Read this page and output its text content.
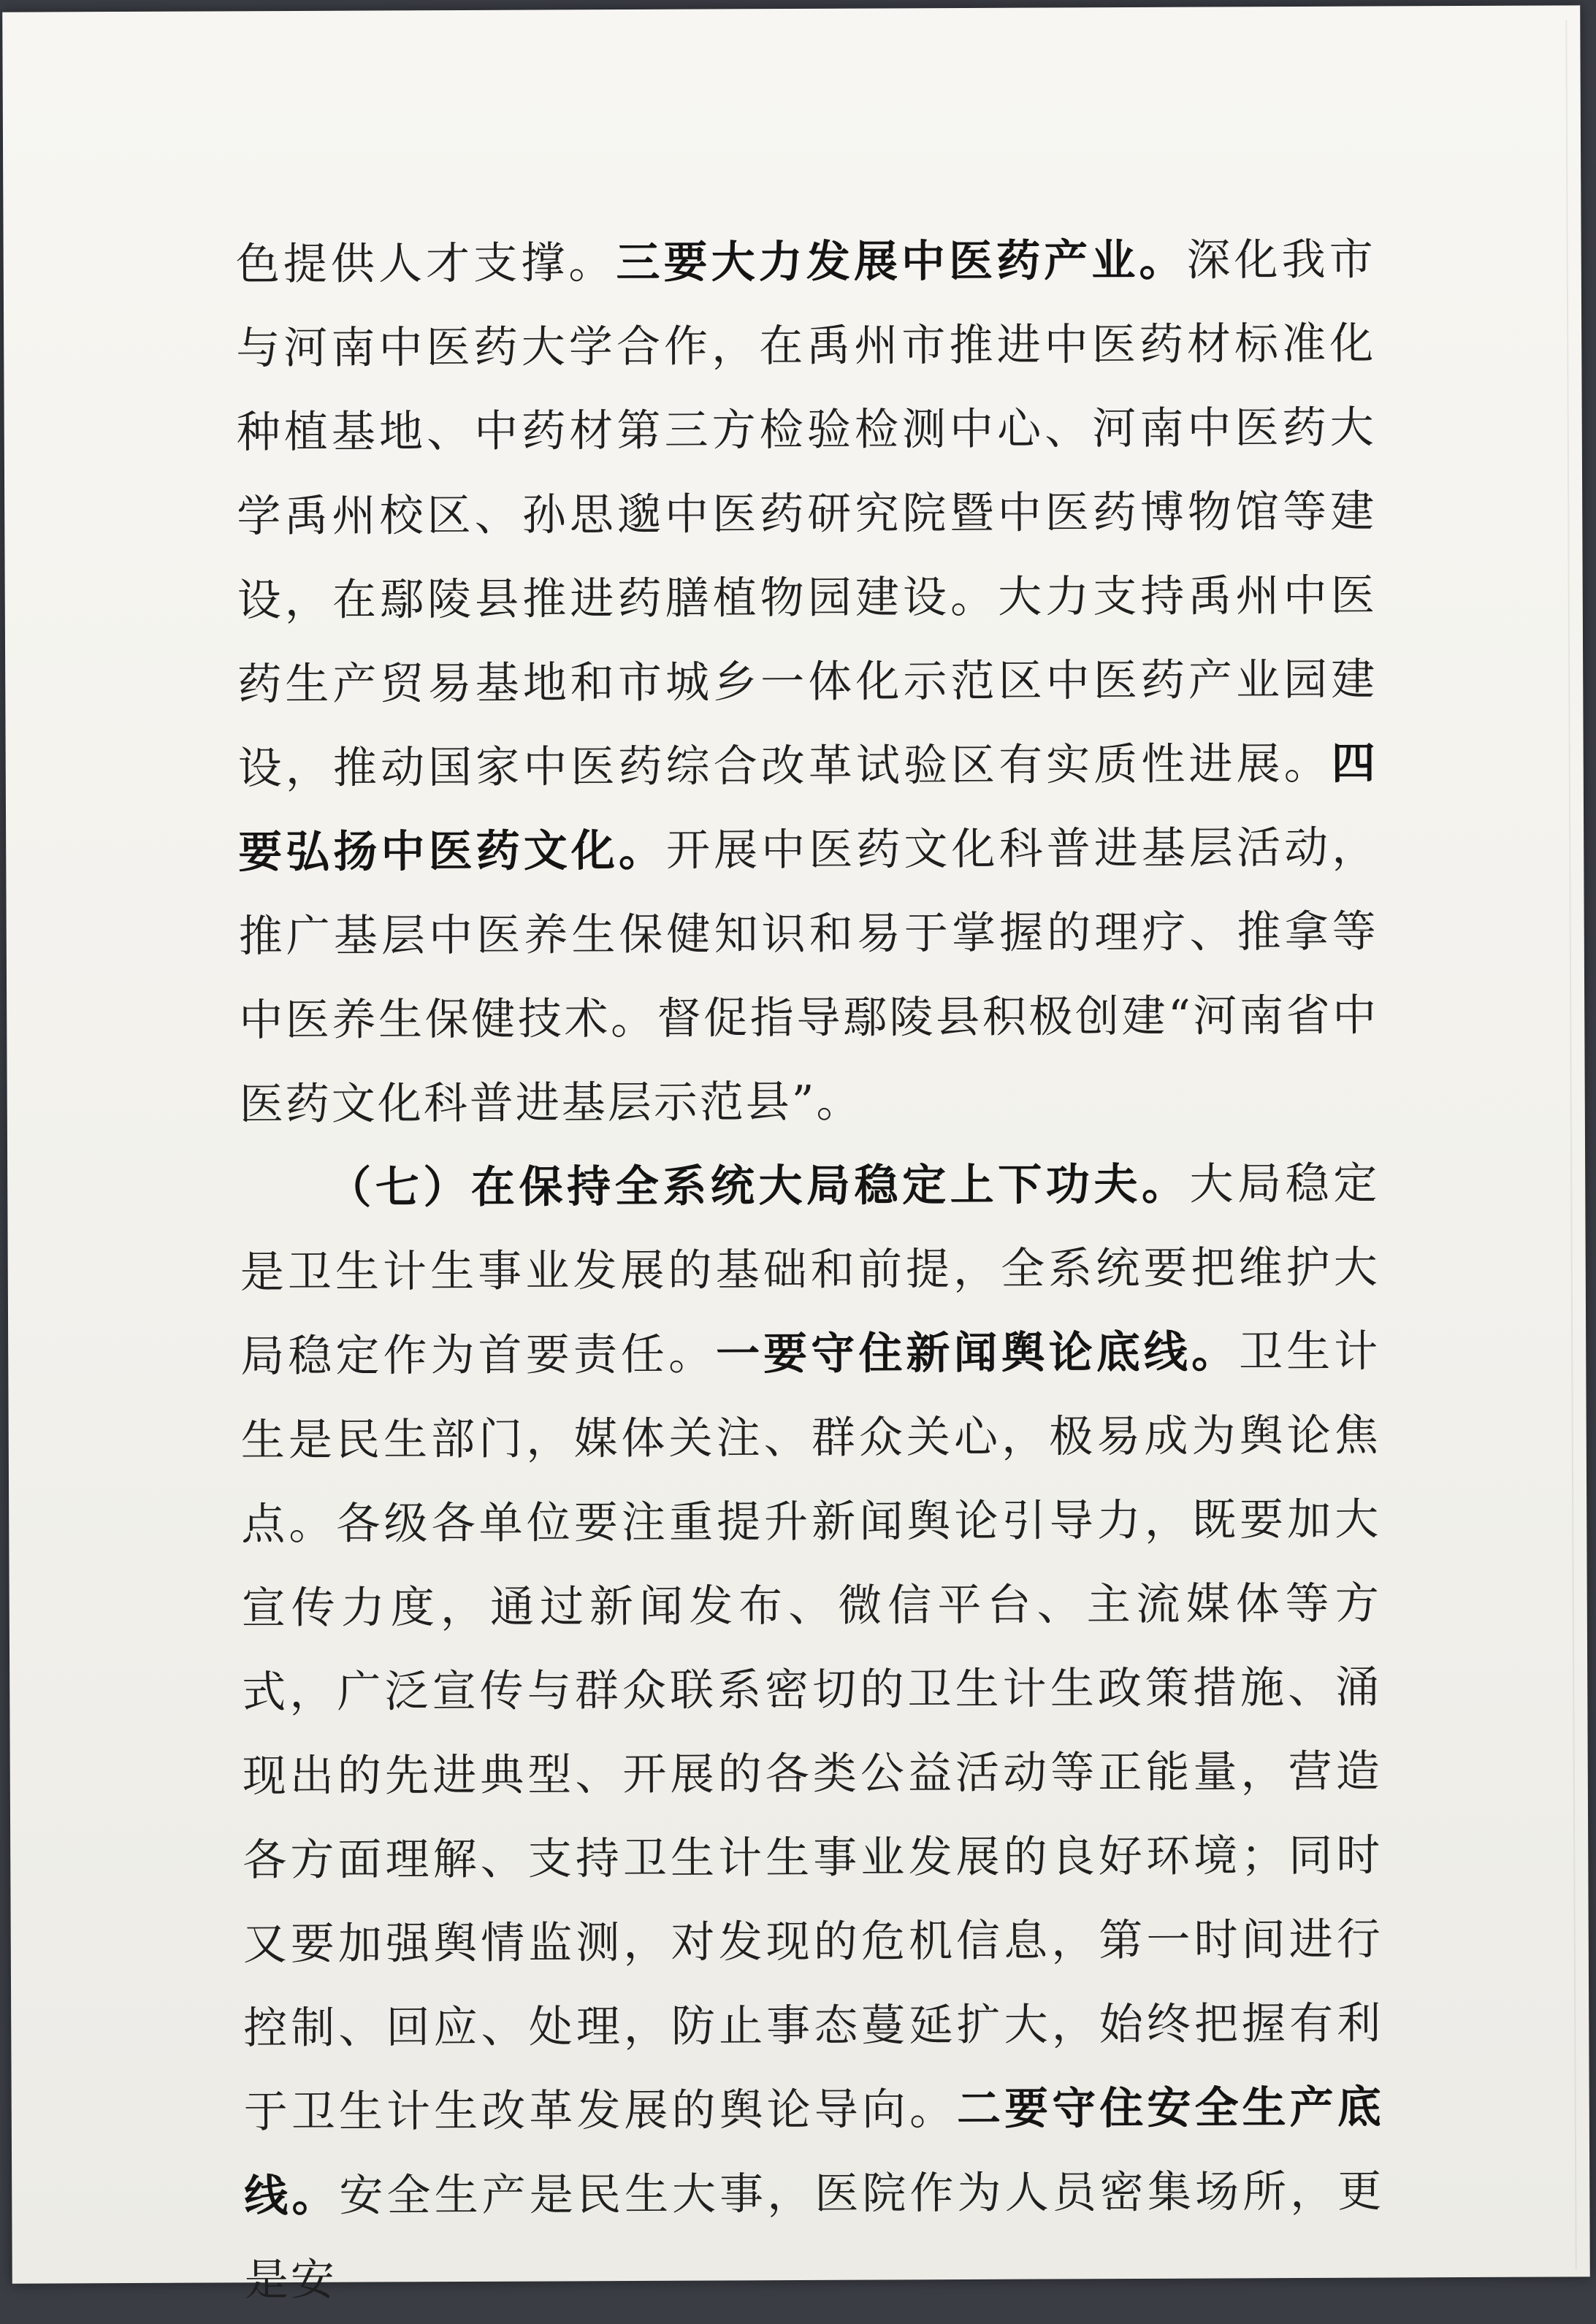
色提供人才支撑。三要大力发展中医药产业。深化我市与河南中医药大学合作，在禹州市推进中医药材标准化种植基地、中药材第三方检验检测中心、河南中医药大学禹州校区、孙思邈中医药研究院暨中医药博物馆等建设，在鄢陵县推进药膳植物园建设。大力支持禹州中医药生产贸易基地和市城乡一体化示范区中医药产业园建设，推动国家中医药综合改革试验区有实质性进展。四要弘扬中医药文化。开展中医药文化科普进基层活动，推广基层中医养生保健知识和易于掌握的理疗、推拿等中医养生保健技术。督促指导鄢陵县积极创建“河南省中医药文化科普进基层示范县”。

（七）在保持全系统大局稳定上下功夫。大局稳定是卫生计生事业发展的基础和前提，全系统要把维护大局稳定作为首要责任。一要守住新闻舆论底线。卫生计生是民生部门，媒体关注、群众关心，极易成为舆论焦点。各级各单位要注重提升新闻舆论引导力，既要加大宣传力度，通过新闻发布、微信平台、主流媒体等方式，广泛宣传与群众联系密切的卫生计生政策措施、涌现出的先进典型、开展的各类公益活动等正能量，营造各方面理解、支持卫生计生事业发展的良好环境；同时又要加强舆情监测，对发现的危机信息，第一时间进行控制、回应、处理，防止事态蔓延扩大，始终把握有利于卫生计生改革发展的舆论导向。二要守住安全生产底线。安全生产是民生大事，医院作为人员密集场所，更是安
